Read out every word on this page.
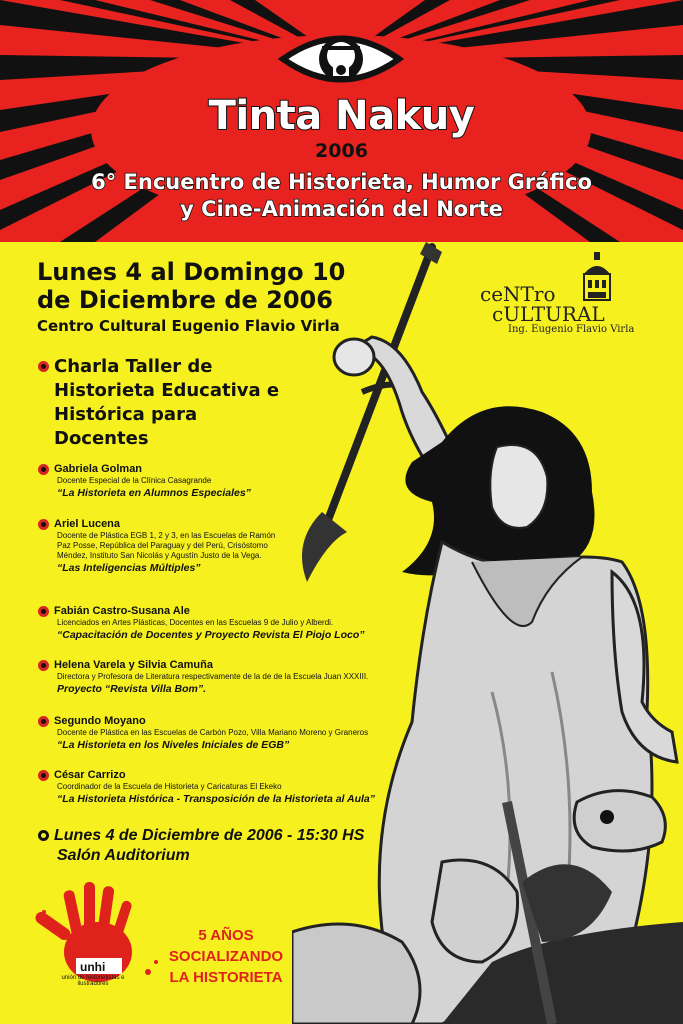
Tinta Nakuy
2006
6° Encuentro de Historieta, Humor Gráfico
y Cine-Animación del Norte
Lunes 4 al Domingo 10
de Diciembre de 2006
Centro Cultural Eugenio Flavio Virla
ceNTro
cULTURAL
Ing. Eugenio Flavio Virla
Charla Taller de Historieta Educativa e Histórica para Docentes
Gabriela Golman
Docente Especial de la Clínica Casagrande
“La Historieta en Alumnos Especiales”
Ariel Lucena
Docente de Plástica EGB 1, 2 y 3, en las Escuelas de Ramón Paz Posse, República del Paraguay y del Perú, Crisóstomo Méndez, Instituto San Nicolás y Agustín Justo de la Vega.
“Las Inteligencias Múltiples”
Fabián Castro-Susana Ale
Licenciados en Artes Plásticas, Docentes en las Escuelas 9 de Julio y Alberdi.
“Capacitación de Docentes y Proyecto Revista El Piojo Loco”
Helena Varela y Silvia Camuña
Directora y Profesora de Literatura respectivamente de la de de la Escuela Juan XXXIII.
Proyecto “Revista Villa Bom”.
Segundo Moyano
Docente de Plástica en las Escuelas de Carbón Pozo, Villa Mariano Moreno y Graneros
“La Historieta en los Niveles Iniciales de EGB”
César Carrizo
Coordinador de la Escuela de Historieta y Caricaturas El Ekeko
“La Historieta Histórica - Transposición de la Historieta al Aula”
Lunes 4 de Diciembre de 2006 - 15:30 HS
Salón Auditorium
unhi
unión de historietistas e ilustradores
5 AÑOS
SOCIALIZANDO
LA HISTORIETA
